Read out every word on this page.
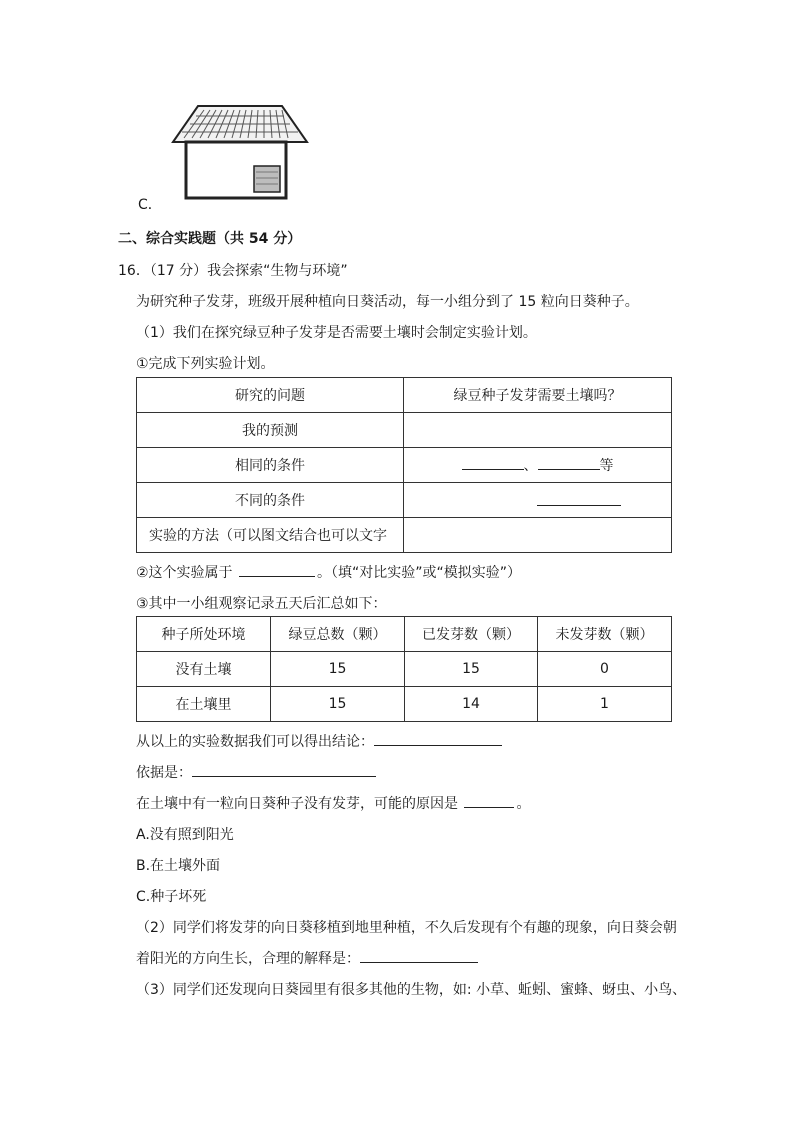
C．
二、综合实践题（共 54 分）
16．（17 分）我会探索“生物与环境”
为研究种子发芽，班级开展种植向日葵活动，每一小组分到了 15 粒向日葵种子。
（1）我们在探究绿豆种子发芽是否需要土壤时会制定实验计划。
①完成下列实验计划。
研究的问题	绿豆种子发芽需要土壤吗？
我的预测	
相同的条件	、 等
不同的条件	
实验的方法（可以图文结合也可以文字	
②这个实验属于	。（填“对比实验”或“模拟实验”）
③其中一小组观察记录五天后汇总如下：
种子所处环境	绿豆总数（颗）	已发芽数（颗）	未发芽数（颗）
没有土壤	15	15	0
在土壤里	15	14	1
从以上的实验数据我们可以得出结论：
依据是：
在土壤中有一粒向日葵种子没有发芽，可能的原因是	。
A.没有照到阳光
B.在土壤外面
C.种子坏死
（2）同学们将发芽的向日葵移植到地里种植，不久后发现有个有趣的现象，向日葵会朝
着阳光的方向生长，合理的解释是：
（3）同学们还发现向日葵园里有很多其他的生物，如: 小草、蚯蚓、蜜蜂、蚜虫、小鸟、
